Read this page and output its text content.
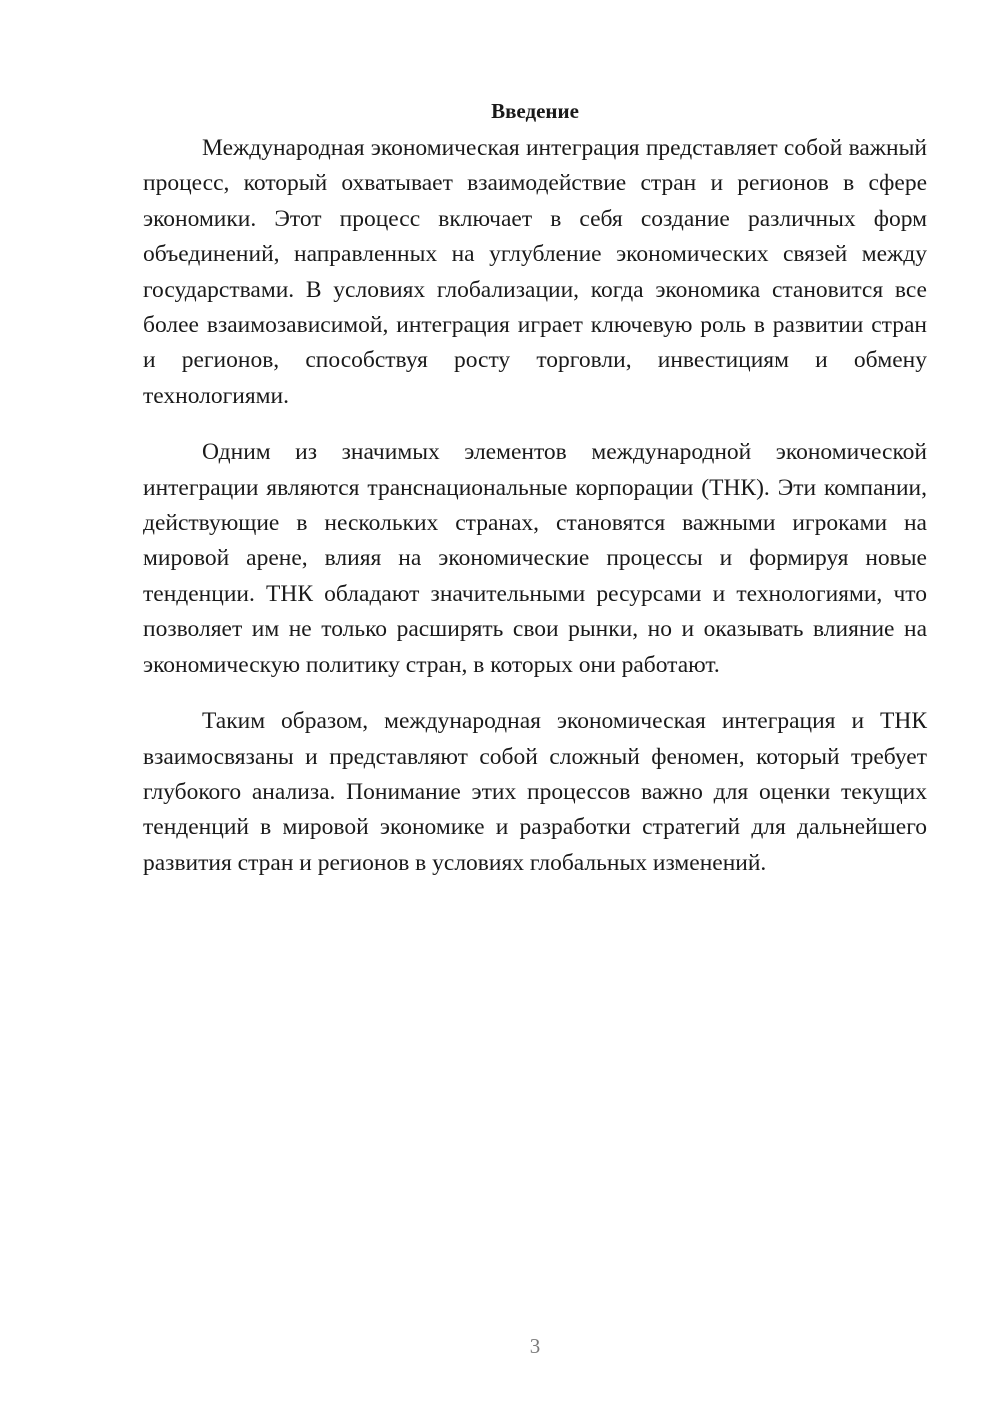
Введение

Международная экономическая интеграция представляет собой важный процесс, который охватывает взаимодействие стран и регионов в сфере экономики. Этот процесс включает в себя создание различных форм объединений, направленных на углубление экономических связей между государствами. В условиях глобализации, когда экономика становится все более взаимозависимой, интеграция играет ключевую роль в развитии стран и регионов, способствуя росту торговли, инвестициям и обмену технологиями.

Одним из значимых элементов международной экономической интеграции являются транснациональные корпорации (ТНК). Эти компании, действующие в нескольких странах, становятся важными игроками на мировой арене, влияя на экономические процессы и формируя новые тенденции. ТНК обладают значительными ресурсами и технологиями, что позволяет им не только расширять свои рынки, но и оказывать влияние на экономическую политику стран, в которых они работают.

Таким образом, международная экономическая интеграция и ТНК взаимосвязаны и представляют собой сложный феномен, который требует глубокого анализа. Понимание этих процессов важно для оценки текущих тенденций в мировой экономике и разработки стратегий для дальнейшего развития стран и регионов в условиях глобальных изменений.

3
